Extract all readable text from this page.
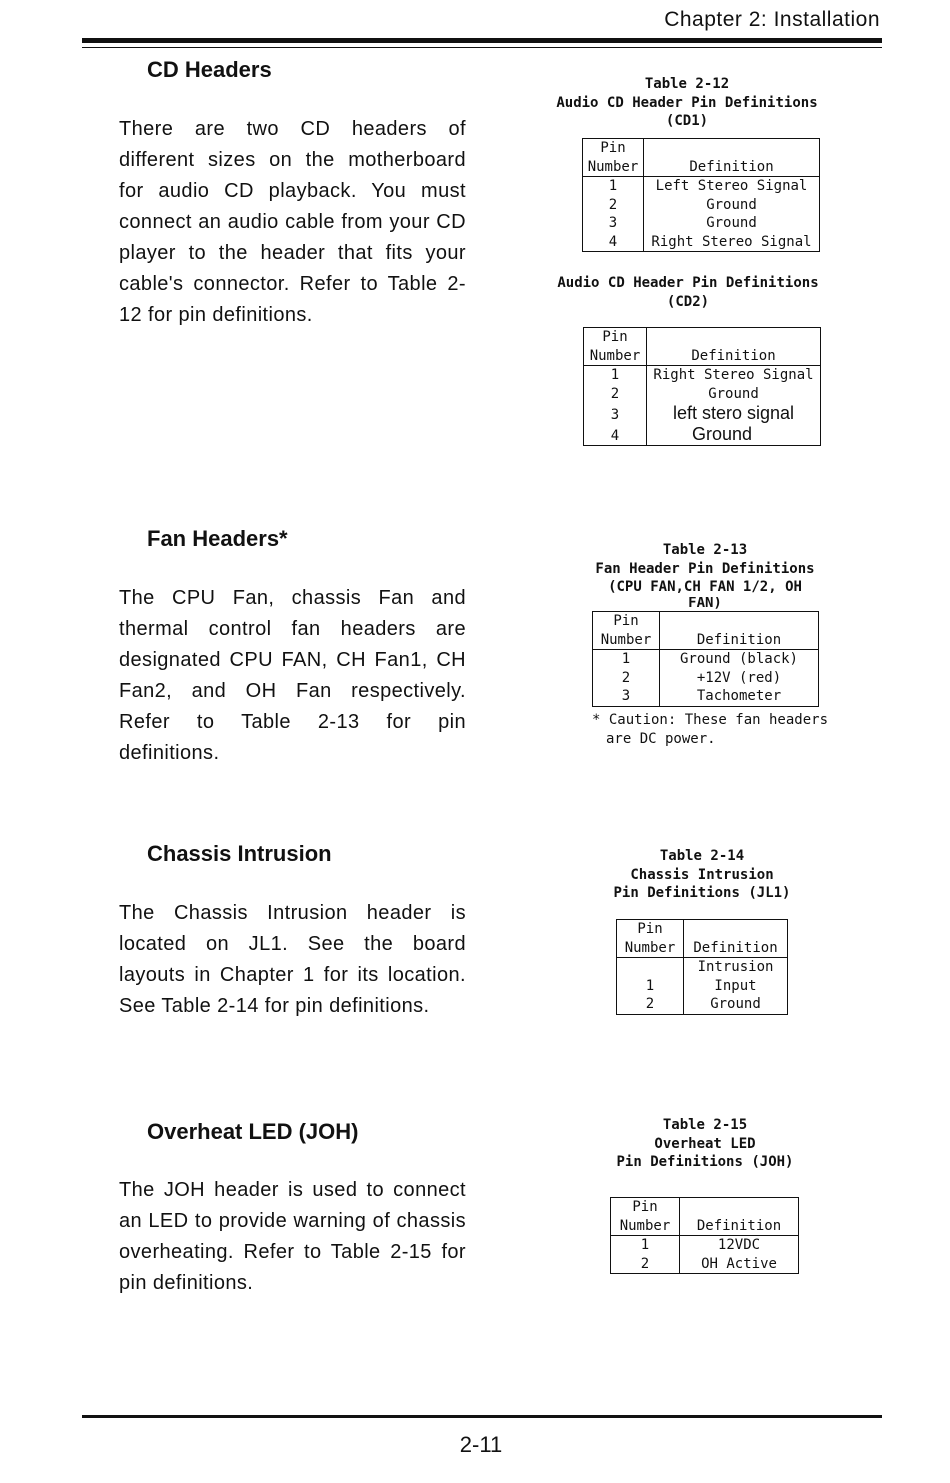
Chapter 2: Installation
CD Headers
There are two CD headers of different sizes on the motherboard for audio CD playback. You must connect an audio cable from your CD player to the header that fits your cable's connector. Refer to Table 2-12 for pin definitions.
Table 2-12
Audio CD Header Pin Definitions
(CD1)
Pin
Number	Definition
1	Left Stereo Signal
2	Ground
3	Ground
4	Right Stereo Signal
Audio CD Header Pin Definitions
(CD2)
Pin
Number	Definition
1	Right Stereo Signal
2	Ground
3	left stero signal
4	Ground
Fan Headers*
The CPU Fan, chassis Fan and thermal control fan headers are designated CPU FAN, CH Fan1, CH Fan2, and OH Fan respectively. Refer to Table 2-13 for pin definitions.
Table 2-13
Fan Header Pin Definitions
(CPU FAN,CH FAN 1/2, OH
FAN)
Pin
Number	Definition
1	Ground (black)
2	+12V (red)
3	Tachometer
* Caution: These fan headers
are DC power.
Chassis Intrusion
The Chassis Intrusion header is located on JL1. See the board layouts in Chapter 1 for its location. See Table 2-14 for pin definitions.
Table 2-14
Chassis Intrusion
Pin Definitions (JL1)
Pin
Number	Definition
1	Intrusion Input
2	Ground
Overheat LED (JOH)
The JOH header is used to connect an LED to provide warning of chassis overheating. Refer to Table 2-15 for pin definitions.
Table 2-15
Overheat LED
Pin Definitions (JOH)
Pin
Number	Definition
1	12VDC
2	OH Active
2-11
